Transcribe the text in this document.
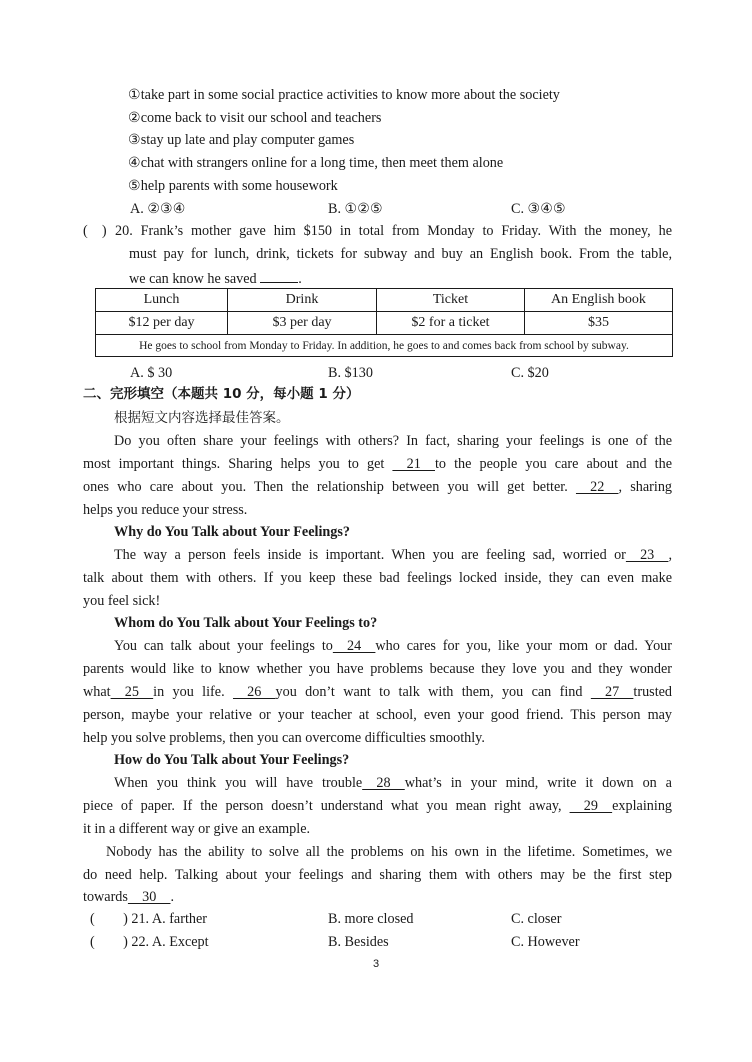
①take part in some social practice activities to know more about the society
②come back to visit our school and teachers
③stay up late and play computer games
④chat with strangers online for a long time, then meet them alone
⑤help parents with some housework
A. ②③④	B. ①②⑤	C. ③④⑤
(    ) 20. Frank’s mother gave him $150 in total from Monday to Friday. With the money, he
must pay for lunch, drink, tickets for subway and buy an English book. From the table,
we can know he saved	.
Lunch	Drink	Ticket	An English book
$12 per day	$3 per day	$2 for a ticket	$35
He goes to school from Monday to Friday. In addition, he goes to and comes back from school by subway.			
A. $ 30	B. $130	C. $20
二、完形填空（本题共 10 分，每小题 1 分）
根据短文内容选择最佳答案。
Do you often share your feelings with others? In fact, sharing your feelings is one of the
most important things. Sharing helps you to get     21    to the people you care about and the
ones who care about you. Then the relationship between you will get better.     22    , sharing
helps you reduce your stress.
Why do You Talk about Your Feelings?
The way a person feels inside is important. When you are feeling sad, worried or    23    ,
talk about them with others. If you keep these bad feelings locked inside, they can even make
you feel sick!
Whom do You Talk about Your Feelings to?
You can talk about your feelings to    24    who cares for you, like your mom or dad. Your
parents would like to know whether you have problems because they love you and they wonder
what    25    in you life.     26    you don’t want to talk with them, you can find     27    trusted
person, maybe your relative or your teacher at school, even your good friend. This person may
help you solve problems, then you can overcome difficulties smoothly.
How do You Talk about Your Feelings?
When you think you will have trouble    28    what’s in your mind, write it down on a
piece of paper. If the person doesn’t understand what you mean right away,     29    explaining
it in a different way or give an example.
Nobody has the ability to solve all the problems on his own in the lifetime. Sometimes, we
do need help. Talking about your feelings and sharing them with others may be the first step
towards    30    .
(        ) 21. A. farther	B. more closed	C. closer
(        ) 22. A. Except	B. Besides	C. However
3
